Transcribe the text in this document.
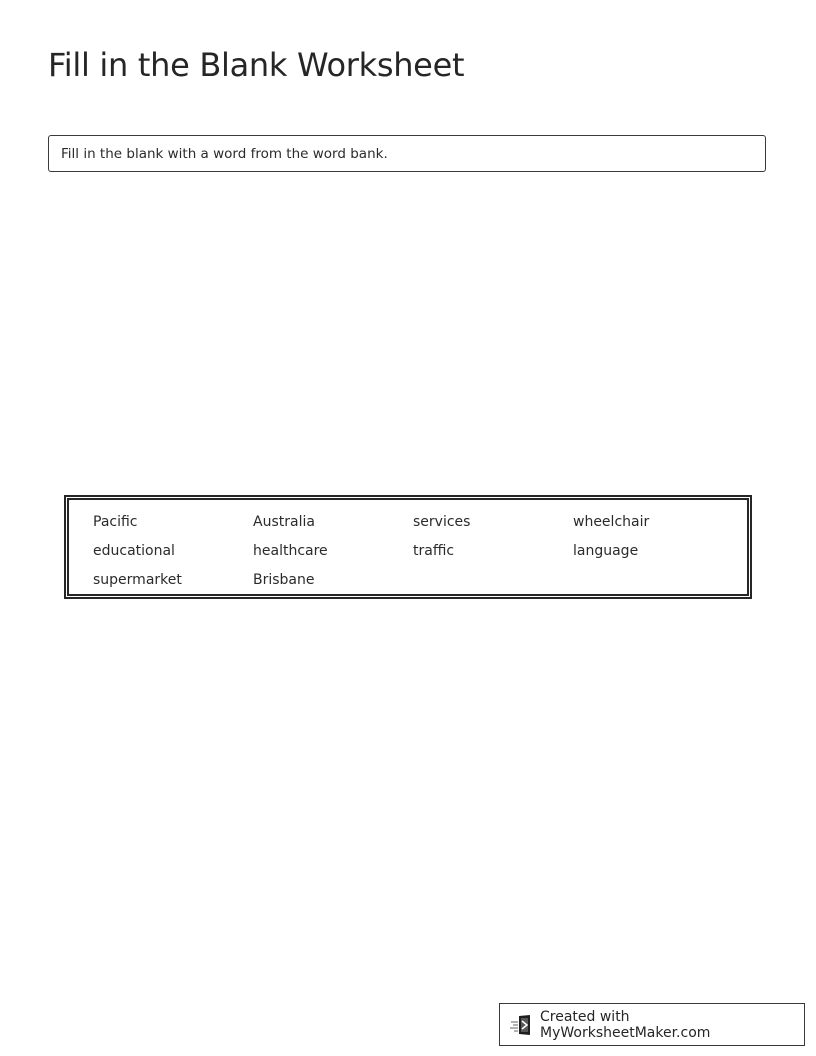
Fill in the Blank Worksheet
Fill in the blank with a word from the word bank.
Pacific	Australia	services	wheelchair
educational	healthcare	traffic	language
supermarket	Brisbane
Created with MyWorksheetMaker.com
